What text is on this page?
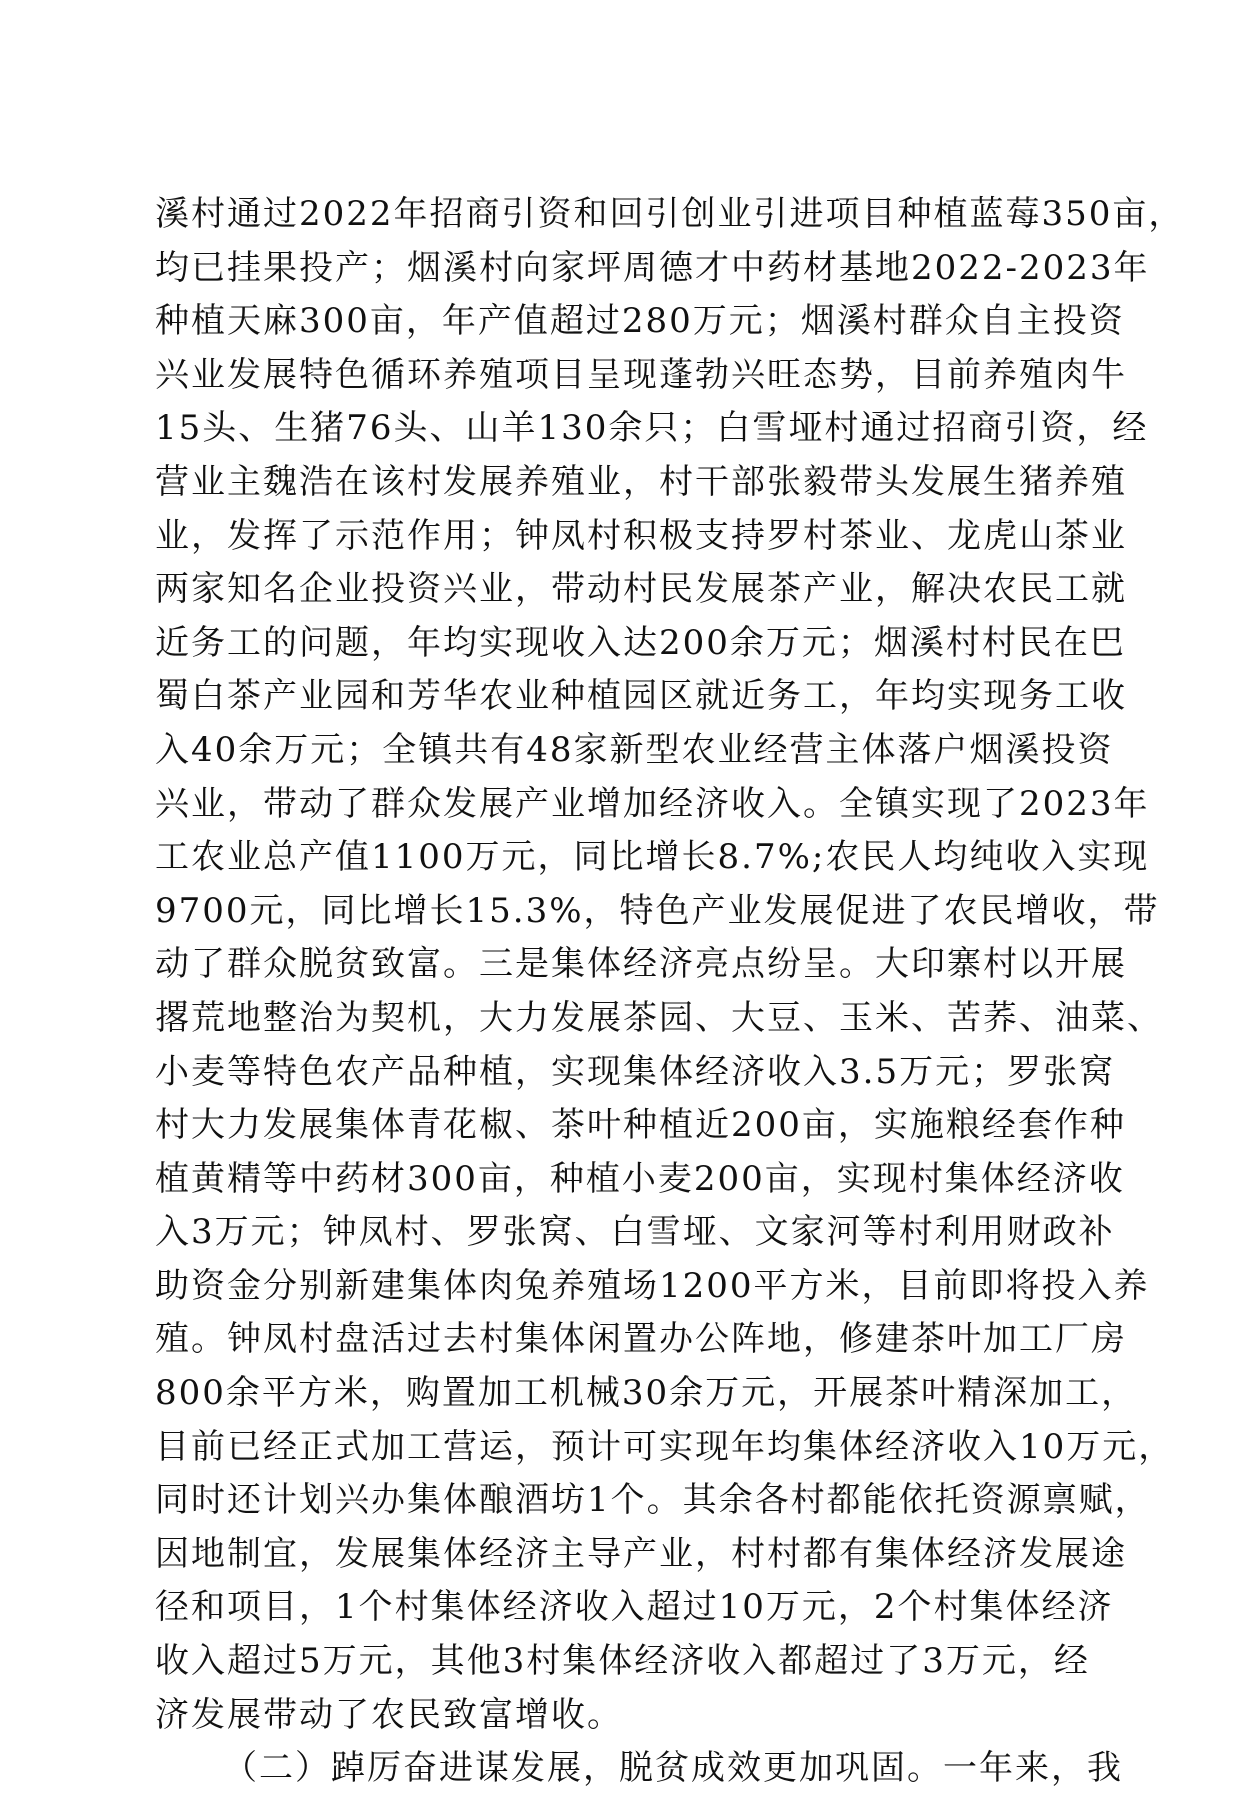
溪村通过2022年招商引资和回引创业引进项目种植蓝莓350亩，
均已挂果投产；烟溪村向家坪周德才中药材基地2022-2023年
种植天麻300亩，年产值超过280万元；烟溪村群众自主投资
兴业发展特色循环养殖项目呈现蓬勃兴旺态势，目前养殖肉牛
15头、生猪76头、山羊130余只；白雪垭村通过招商引资，经
营业主魏浩在该村发展养殖业，村干部张毅带头发展生猪养殖
业，发挥了示范作用；钟凤村积极支持罗村茶业、龙虎山茶业
两家知名企业投资兴业，带动村民发展茶产业，解决农民工就
近务工的问题，年均实现收入达200余万元；烟溪村村民在巴
蜀白茶产业园和芳华农业种植园区就近务工，年均实现务工收
入40余万元；全镇共有48家新型农业经营主体落户烟溪投资
兴业，带动了群众发展产业增加经济收入。全镇实现了2023年
工农业总产值1100万元，同比增长8.7%;农民人均纯收入实现
9700元，同比增长15.3%，特色产业发展促进了农民增收，带
动了群众脱贫致富。三是集体经济亮点纷呈。大印寨村以开展
撂荒地整治为契机，大力发展茶园、大豆、玉米、苦荞、油菜、
小麦等特色农产品种植，实现集体经济收入3.5万元；罗张窝
村大力发展集体青花椒、茶叶种植近200亩，实施粮经套作种
植黄精等中药材300亩，种植小麦200亩，实现村集体经济收
入3万元；钟凤村、罗张窝、白雪垭、文家河等村利用财政补
助资金分别新建集体肉兔养殖场1200平方米，目前即将投入养
殖。钟凤村盘活过去村集体闲置办公阵地，修建茶叶加工厂房
800余平方米，购置加工机械30余万元，开展茶叶精深加工，
目前已经正式加工营运，预计可实现年均集体经济收入10万元，
同时还计划兴办集体酿酒坊1个。其余各村都能依托资源禀赋，
因地制宜，发展集体经济主导产业，村村都有集体经济发展途
径和项目，1个村集体经济收入超过10万元，2个村集体经济
收入超过5万元，其他3村集体经济收入都超过了3万元，经
济发展带动了农民致富增收。
（二）踔厉奋进谋发展，脱贫成效更加巩固。一年来，我
